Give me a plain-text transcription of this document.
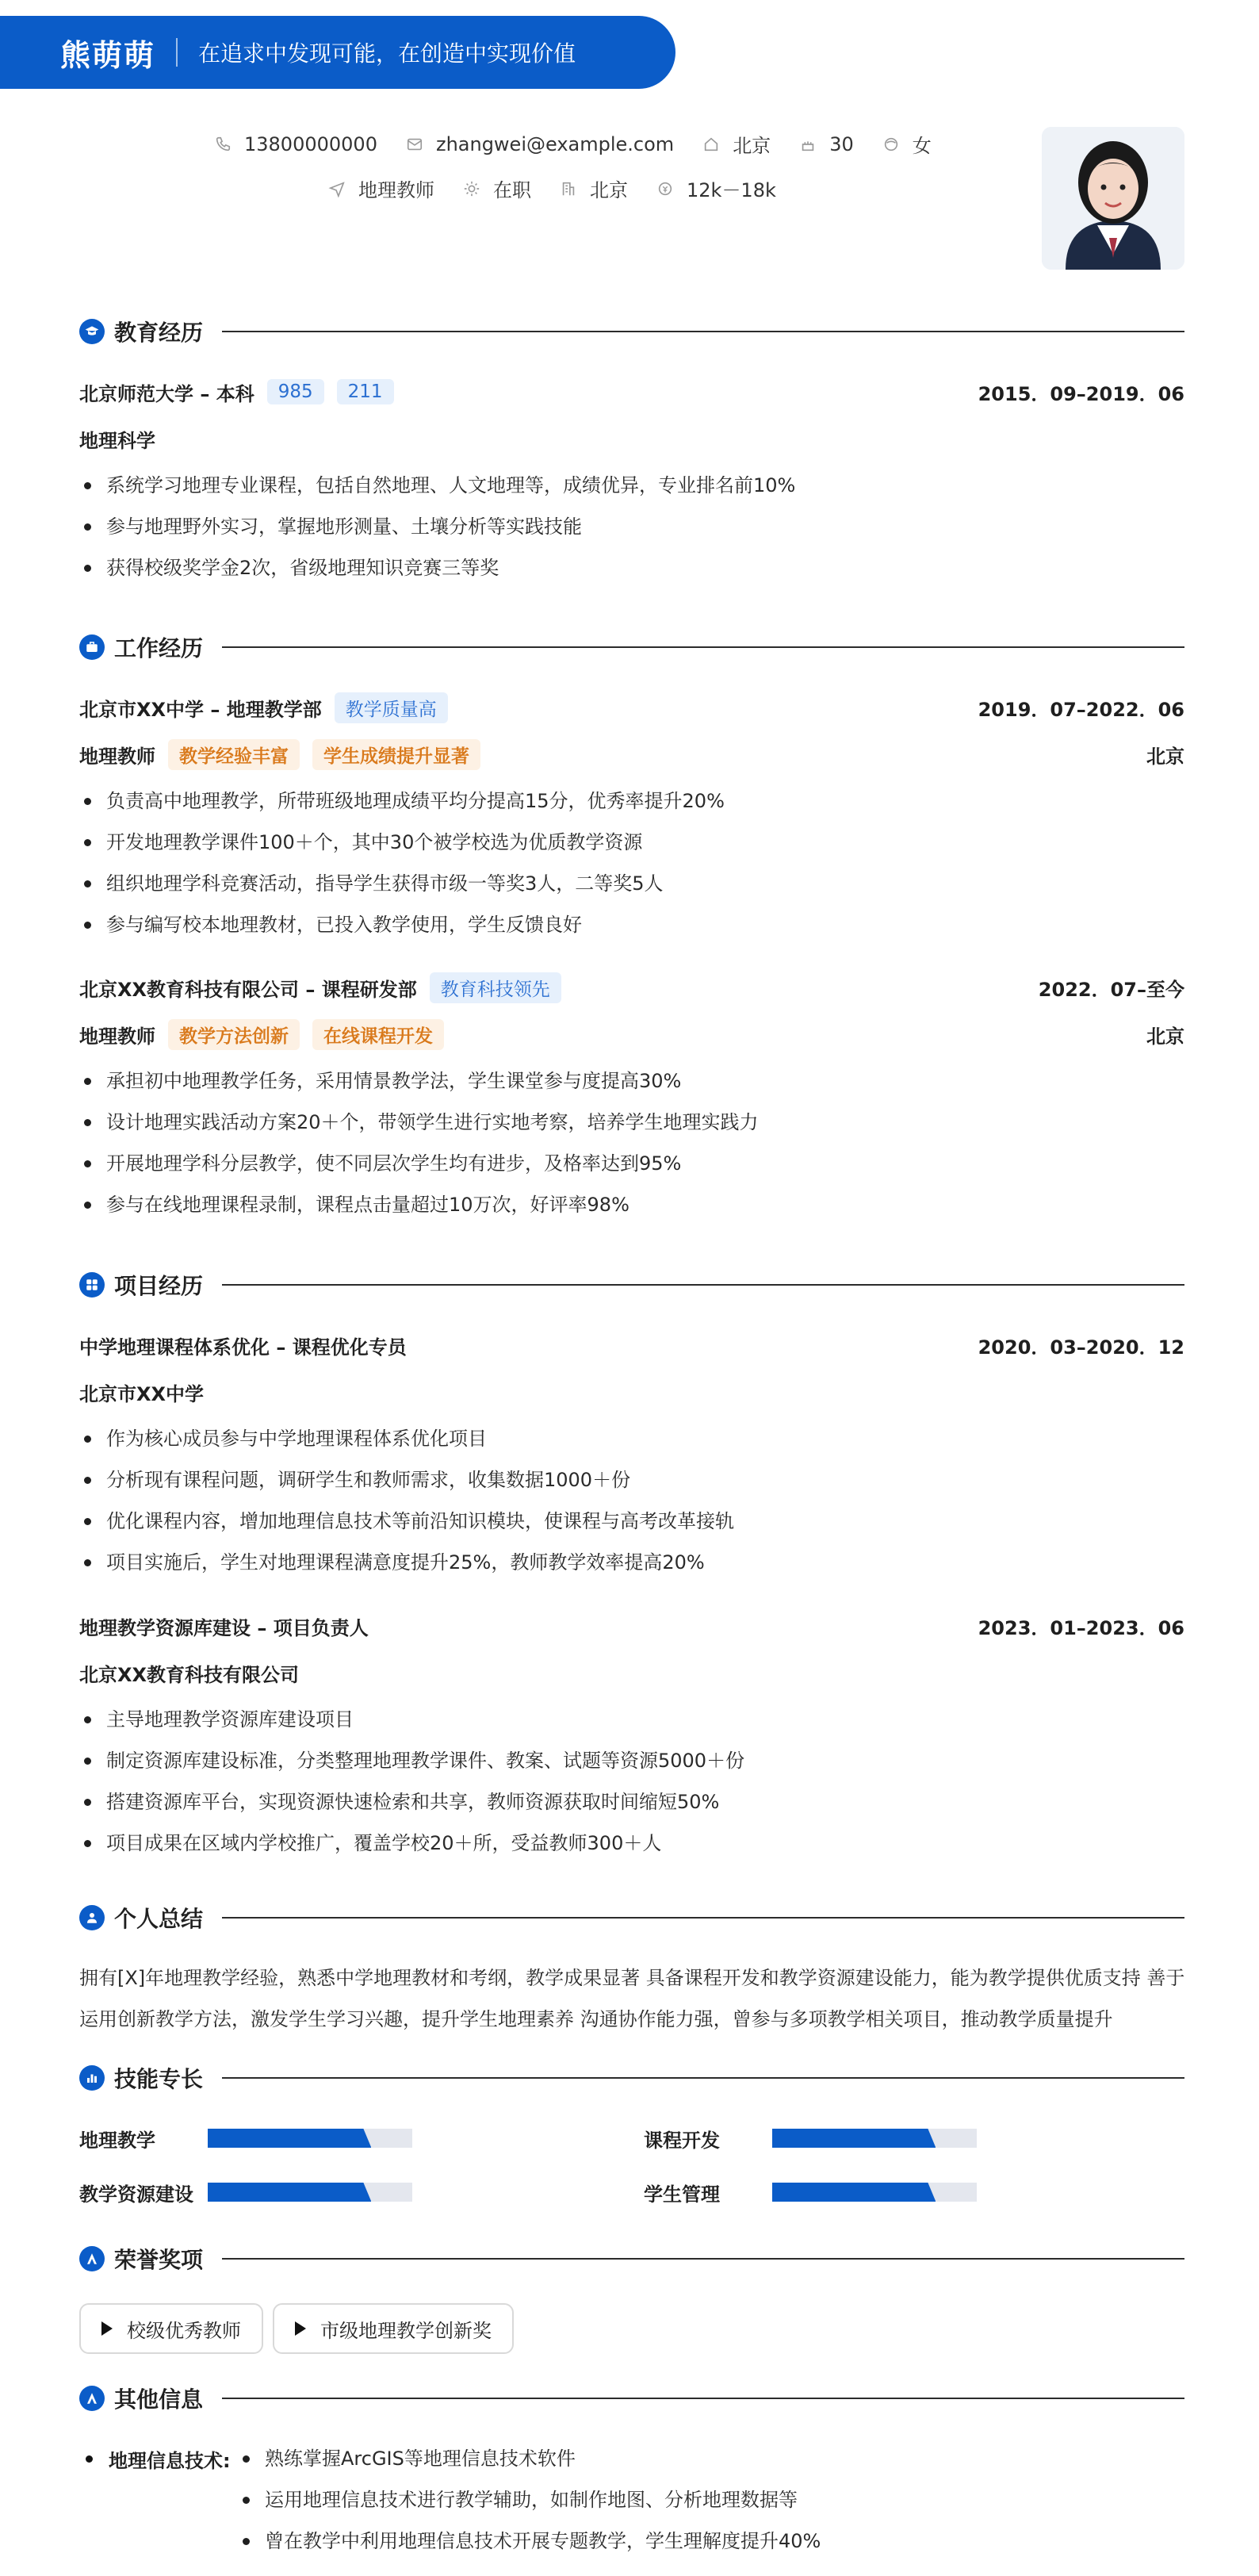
熊萌萌 在追求中发现可能，在创造中实现价值
13800000000	zhangwei@example.com	北京	30	女
地理教师	在职	北京	12k－18k
教育经历
北京师范大学 – 本科	985	211	2015．09–2019．06
地理科学
系统学习地理专业课程，包括自然地理、人文地理等，成绩优异，专业排名前10%
参与地理野外实习，掌握地形测量、土壤分析等实践技能
获得校级奖学金2次，省级地理知识竞赛三等奖
工作经历
北京市XX中学 – 地理教学部	教学质量高	2019．07–2022．06
地理教师	教学经验丰富	学生成绩提升显著	北京
负责高中地理教学，所带班级地理成绩平均分提高15分，优秀率提升20%
开发地理教学课件100＋个，其中30个被学校选为优质教学资源
组织地理学科竞赛活动，指导学生获得市级一等奖3人，二等奖5人
参与编写校本地理教材，已投入教学使用，学生反馈良好
北京XX教育科技有限公司 – 课程研发部	教育科技领先	2022．07–至今
地理教师	教学方法创新	在线课程开发	北京
承担初中地理教学任务，采用情景教学法，学生课堂参与度提高30%
设计地理实践活动方案20＋个，带领学生进行实地考察，培养学生地理实践力
开展地理学科分层教学，使不同层次学生均有进步，及格率达到95%
参与在线地理课程录制，课程点击量超过10万次，好评率98%
项目经历
中学地理课程体系优化 – 课程优化专员	2020．03–2020．12
北京市XX中学
作为核心成员参与中学地理课程体系优化项目
分析现有课程问题，调研学生和教师需求，收集数据1000＋份
优化课程内容，增加地理信息技术等前沿知识模块，使课程与高考改革接轨
项目实施后，学生对地理课程满意度提升25%，教师教学效率提高20%
地理教学资源库建设 – 项目负责人	2023．01–2023．06
北京XX教育科技有限公司
主导地理教学资源库建设项目
制定资源库建设标准，分类整理地理教学课件、教案、试题等资源5000＋份
搭建资源库平台，实现资源快速检索和共享，教师资源获取时间缩短50%
项目成果在区域内学校推广，覆盖学校20＋所，受益教师300＋人
个人总结
拥有[X]年地理教学经验，熟悉中学地理教材和考纲，教学成果显著 具备课程开发和教学资源建设能力，能为教学提供优质支持 善于运用创新教学方法，激发学生学习兴趣，提升学生地理素养 沟通协作能力强，曾参与多项教学相关项目，推动教学质量提升
技能专长
地理教学	课程开发
教学资源建设	学生管理
荣誉奖项
校级优秀教师	市级地理教学创新奖
其他信息
地理信息技术:	熟练掌握ArcGIS等地理信息技术软件
运用地理信息技术进行教学辅助，如制作地图、分析地理数据等
曾在教学中利用地理信息技术开展专题教学，学生理解度提升40%
